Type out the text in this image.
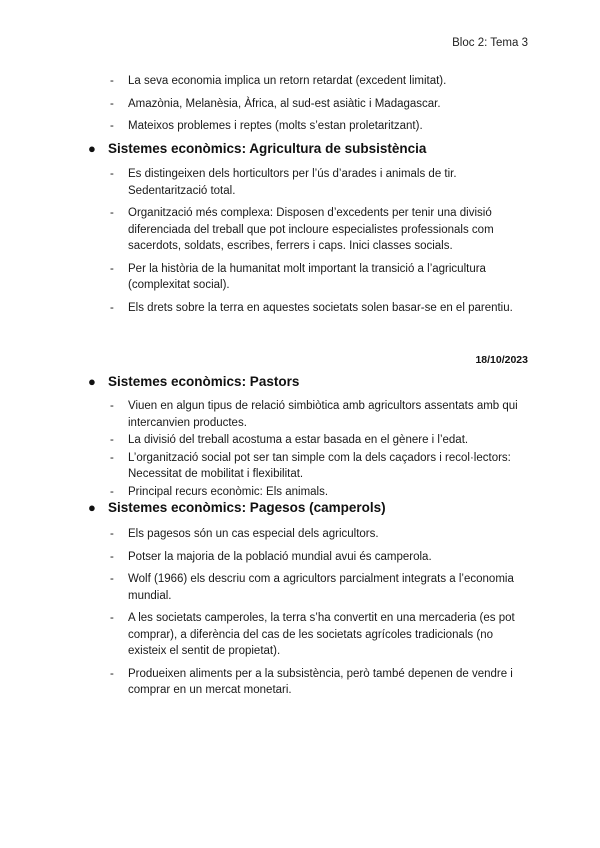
Bloc 2: Tema 3
-	La seva economia implica un retorn retardat (excedent limitat).
-	Amazònia, Melanèsia, Àfrica, al sud-est asiàtic i Madagascar.
-	Mateixos problemes i reptes (molts s’estan proletaritzant).
● Sistemes econòmics: Agricultura de subsistència
-	Es distingeixen dels horticultors per l’ús d’arades i animals de tir. Sedentarització total.
-	Organització més complexa: Disposen d’excedents per tenir una divisió diferenciada del treball que pot incloure especialistes professionals com sacerdots, soldats, escribes, ferrers i caps. Inici classes socials.
-	Per la història de la humanitat molt important la transició a l’agricultura (complexitat social).
-	Els drets sobre la terra en aquestes societats solen basar-se en el parentiu.
18/10/2023
● Sistemes econòmics: Pastors
-	Viuen en algun tipus de relació simbiòtica amb agricultors assentats amb qui intercanvien productes.
-	La divisió del treball acostuma a estar basada en el gènere i l’edat.
-	L’organització social pot ser tan simple com la dels caçadors i recol·lectors: Necessitat de mobilitat i flexibilitat.
-	Principal recurs econòmic: Els animals.
● Sistemes econòmics: Pagesos (camperols)
-	Els pagesos són un cas especial dels agricultors.
-	Potser la majoria de la població mundial avui és camperola.
-	Wolf (1966) els descriu com a agricultors parcialment integrats a l’economia mundial.
-	A les societats camperoles, la terra s’ha convertit en una mercaderia (es pot comprar), a diferència del cas de les societats agrícoles tradicionals (no existeix el sentit de propietat).
-	Produeixen aliments per a la subsistència, però també depenen de vendre i comprar en un mercat monetari.
